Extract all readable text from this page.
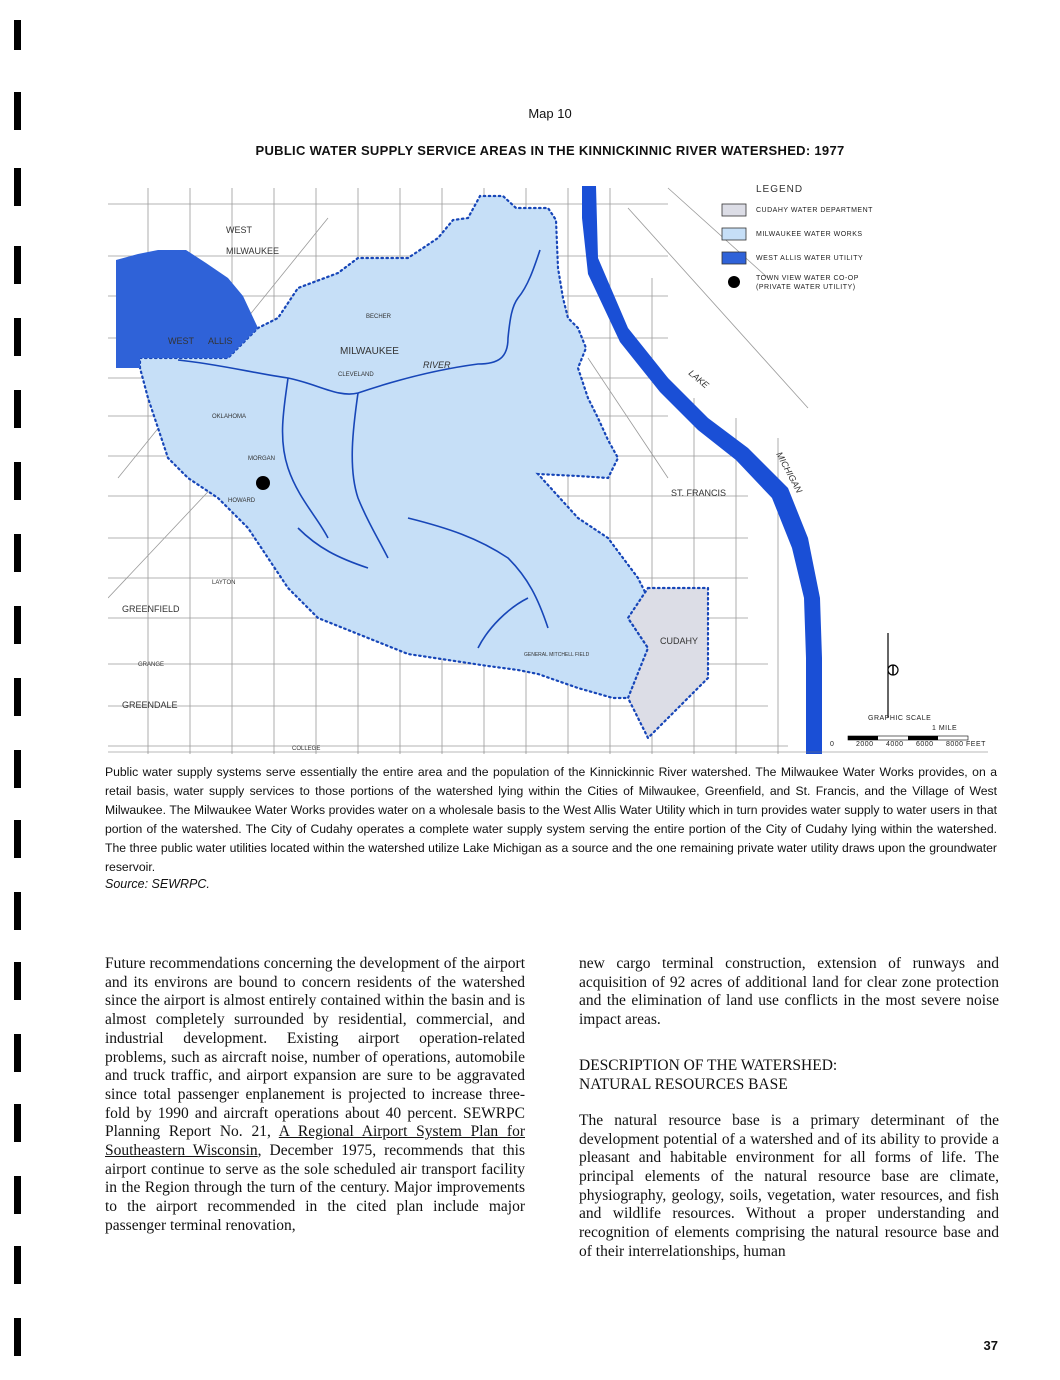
Map 10
PUBLIC WATER SUPPLY SERVICE AREAS IN THE KINNICKINNIC RIVER WATERSHED: 1977
WEST
MILWAUKEE
WEST ALLIS
MILWAUKEE
ST. FRANCIS
CUDAHY
GREENFIELD
GREENDALE
RIVER
OKLAHOMA
MORGAN
HOWARD
LAYTON
GRANGE
COLLEGE
CLEVELAND
BECHER
GENERAL MITCHELL FIELD
LAKE
MICHIGAN
LEGEND
CUDAHY WATER DEPARTMENT
MILWAUKEE WATER WORKS
WEST ALLIS WATER UTILITY
TOWN VIEW WATER CO-OP
(PRIVATE WATER UTILITY)
GRAPHIC SCALE
1 MILE
0	2000 4000 6000 8000 FEET
Public water supply systems serve essentially the entire area and the population of the Kinnickinnic River watershed. The Milwaukee Water Works provides, on a retail basis, water supply services to those portions of the watershed lying within the Cities of Milwaukee, Greenfield, and St. Francis, and the Village of West Milwaukee. The Milwaukee Water Works provides water on a wholesale basis to the West Allis Water Utility which in turn provides water supply to water users in that portion of the watershed. The City of Cudahy operates a complete water supply system serving the entire portion of the City of Cudahy lying within the watershed. The three public water utilities located within the watershed utilize Lake Michigan as a source and the one remaining private water utility draws upon the groundwater reservoir.
Source: SEWRPC.

Future recommendations concerning the development of the airport and its environs are bound to concern residents of the watershed since the airport is almost entirely contained within the basin and is almost completely surrounded by residential, commercial, and industrial development. Existing airport operation-related problems, such as aircraft noise, number of operations, automobile and truck traffic, and airport expansion are sure to be aggravated since total passenger enplanement is projected to increase three-fold by 1990 and aircraft operations about 40 percent. SEWRPC Planning Report No. 21, A Regional Airport System Plan for Southeastern Wisconsin, December 1975, recommends that this airport continue to serve as the sole scheduled air transport facility in the Region through the turn of the century. Major improvements to the airport recommended in the cited plan include major passenger terminal renovation,

new cargo terminal construction, extension of runways and acquisition of 92 acres of additional land for clear zone protection and the elimination of land use conflicts in the most severe noise impact areas.

DESCRIPTION OF THE WATERSHED:
NATURAL RESOURCES BASE

The natural resource base is a primary determinant of the development potential of a watershed and of its ability to provide a pleasant and habitable environment for all forms of life. The principal elements of the natural resource base are climate, physiography, geology, soils, vegetation, water resources, and fish and wildlife resources. Without a proper understanding and recognition of elements comprising the natural resource base and of their interrelationships, human

37
